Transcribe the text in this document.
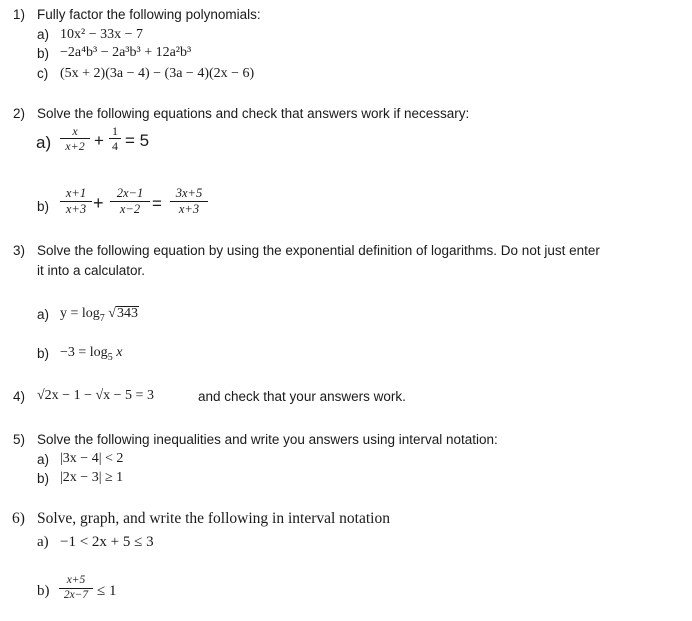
1) Fully factor the following polynomials:
a) 10x² − 33x − 7
b) −2a⁴b³ − 2a³b³ + 12a²b³
c) (5x + 2)(3a − 4) − (3a − 4)(2x − 6)
2) Solve the following equations and check that answers work if necessary:
a)
x
x+2 + 1
4 = 5
b)
x+1
x+3 +	2x−1
x−2 =
3x+5
x+3
3) Solve the following equation by using the exponential definition of logarithms. Do not just enter
it into a calculator.
a) $y = \log_7 √343$
$b) -3 = \log_5 x$
4) √2x − 1 − √x − 5 = 3	and check that your answers work.
5) Solve the following inequalities and write you answers using interval notation:
a) |3x − 4| < 2
b) |2x − 3| ≥ 1
6) Solve, graph, and write the following in interval notation
a) −1 < 2x + 5 ≤ 3
b)
x+5
2x−7 ≤ 1
